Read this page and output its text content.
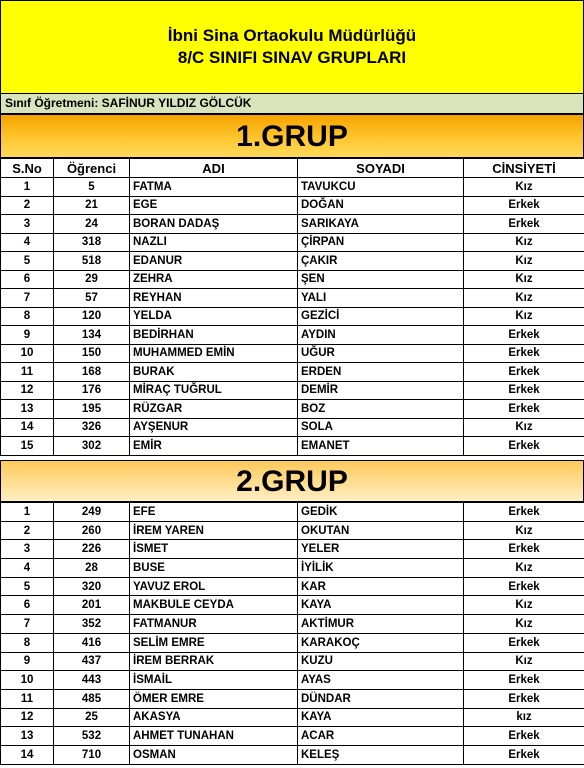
İbni Sina Ortaokulu Müdürlüğü
8/C SINIFI SINAV GRUPLARI
Sınıf Öğretmeni: SAFİNUR YILDIZ GÖLCÜK
1.GRUP
S.No	Öğrenci	ADI	SOYADI	CİNSİYETİ
1	5	FATMA	TAVUKCU	Kız
2	21	EGE	DOĞAN	Erkek
3	24	BORAN DADAŞ	SARIKAYA	Erkek
4	318	NAZLI	ÇİRPAN	Kız
5	518	EDANUR	ÇAKIR	Kız
6	29	ZEHRA	ŞEN	Kız
7	57	REYHAN	YALI	Kız
8	120	YELDA	GEZİCİ	Kız
9	134	BEDİRHAN	AYDIN	Erkek
10	150	MUHAMMED EMİN	UĞUR	Erkek
11	168	BURAK	ERDEN	Erkek
12	176	MİRAÇ TUĞRUL	DEMİR	Erkek
13	195	RÜZGAR	BOZ	Erkek
14	326	AYŞENUR	SOLA	Kız
15	302	EMİR	EMANET	Erkek
2.GRUP
1	249	EFE	GEDİK	Erkek
2	260	İREM YAREN	OKUTAN	Kız
3	226	İSMET	YELER	Erkek
4	28	BUSE	İYİLİK	Kız
5	320	YAVUZ EROL	KAR	Erkek
6	201	MAKBULE CEYDA	KAYA	Kız
7	352	FATMANUR	AKTİMUR	Kız
8	416	SELİM EMRE	KARAKOÇ	Erkek
9	437	İREM BERRAK	KUZU	Kız
10	443	İSMAİL	AYAS	Erkek
11	485	ÖMER EMRE	DÜNDAR	Erkek
12	25	AKASYA	KAYA	kız
13	532	AHMET TUNAHAN	ACAR	Erkek
14	710	OSMAN	KELEŞ	Erkek
